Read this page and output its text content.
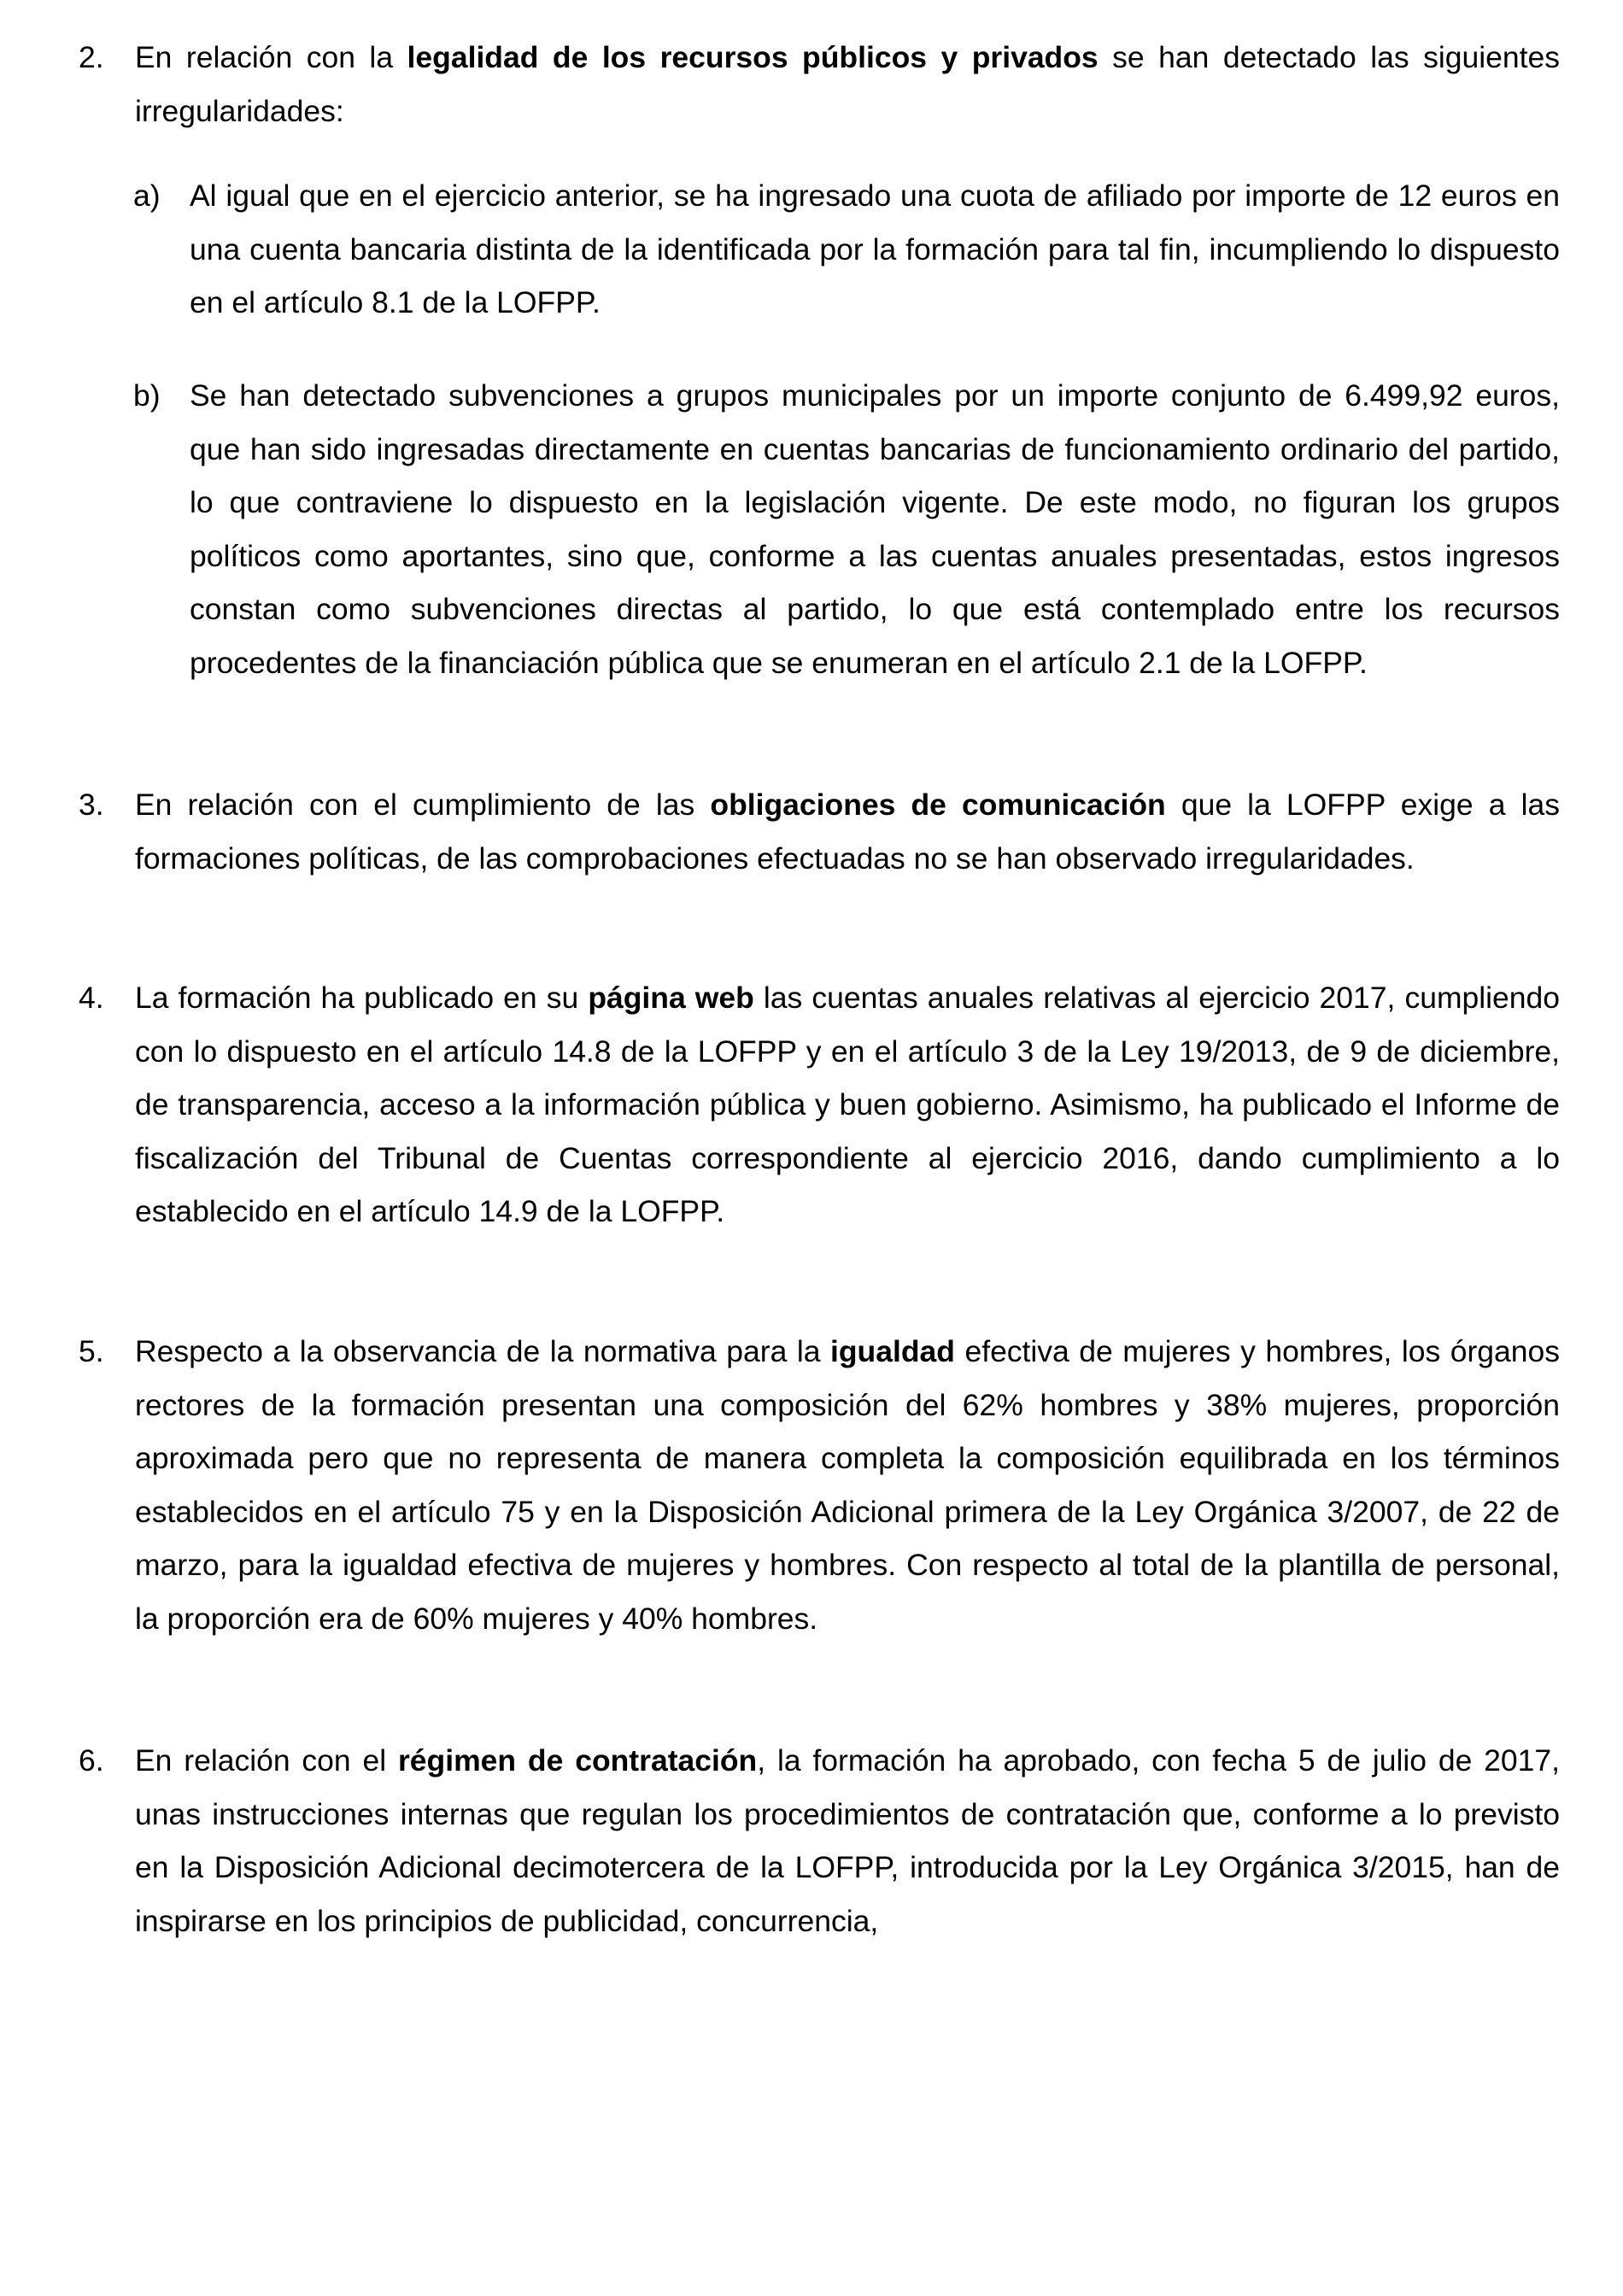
2. En relación con la legalidad de los recursos públicos y privados se han detectado las siguientes irregularidades:
a) Al igual que en el ejercicio anterior, se ha ingresado una cuota de afiliado por importe de 12 euros en una cuenta bancaria distinta de la identificada por la formación para tal fin, incumpliendo lo dispuesto en el artículo 8.1 de la LOFPP.
b) Se han detectado subvenciones a grupos municipales por un importe conjunto de 6.499,92 euros, que han sido ingresadas directamente en cuentas bancarias de funcionamiento ordinario del partido, lo que contraviene lo dispuesto en la legislación vigente. De este modo, no figuran los grupos políticos como aportantes, sino que, conforme a las cuentas anuales presentadas, estos ingresos constan como subvenciones directas al partido, lo que está contemplado entre los recursos procedentes de la financiación pública que se enumeran en el artículo 2.1 de la LOFPP.
3. En relación con el cumplimiento de las obligaciones de comunicación que la LOFPP exige a las formaciones políticas, de las comprobaciones efectuadas no se han observado irregularidades.
4. La formación ha publicado en su página web las cuentas anuales relativas al ejercicio 2017, cumpliendo con lo dispuesto en el artículo 14.8 de la LOFPP y en el artículo 3 de la Ley 19/2013, de 9 de diciembre, de transparencia, acceso a la información pública y buen gobierno. Asimismo, ha publicado el Informe de fiscalización del Tribunal de Cuentas correspondiente al ejercicio 2016, dando cumplimiento a lo establecido en el artículo 14.9 de la LOFPP.
5. Respecto a la observancia de la normativa para la igualdad efectiva de mujeres y hombres, los órganos rectores de la formación presentan una composición del 62% hombres y 38% mujeres, proporción aproximada pero que no representa de manera completa la composición equilibrada en los términos establecidos en el artículo 75 y en la Disposición Adicional primera de la Ley Orgánica 3/2007, de 22 de marzo, para la igualdad efectiva de mujeres y hombres. Con respecto al total de la plantilla de personal, la proporción era de 60% mujeres y 40% hombres.
6. En relación con el régimen de contratación, la formación ha aprobado, con fecha 5 de julio de 2017, unas instrucciones internas que regulan los procedimientos de contratación que, conforme a lo previsto en la Disposición Adicional decimotercera de la LOFPP, introducida por la Ley Orgánica 3/2015, han de inspirarse en los principios de publicidad, concurrencia,
